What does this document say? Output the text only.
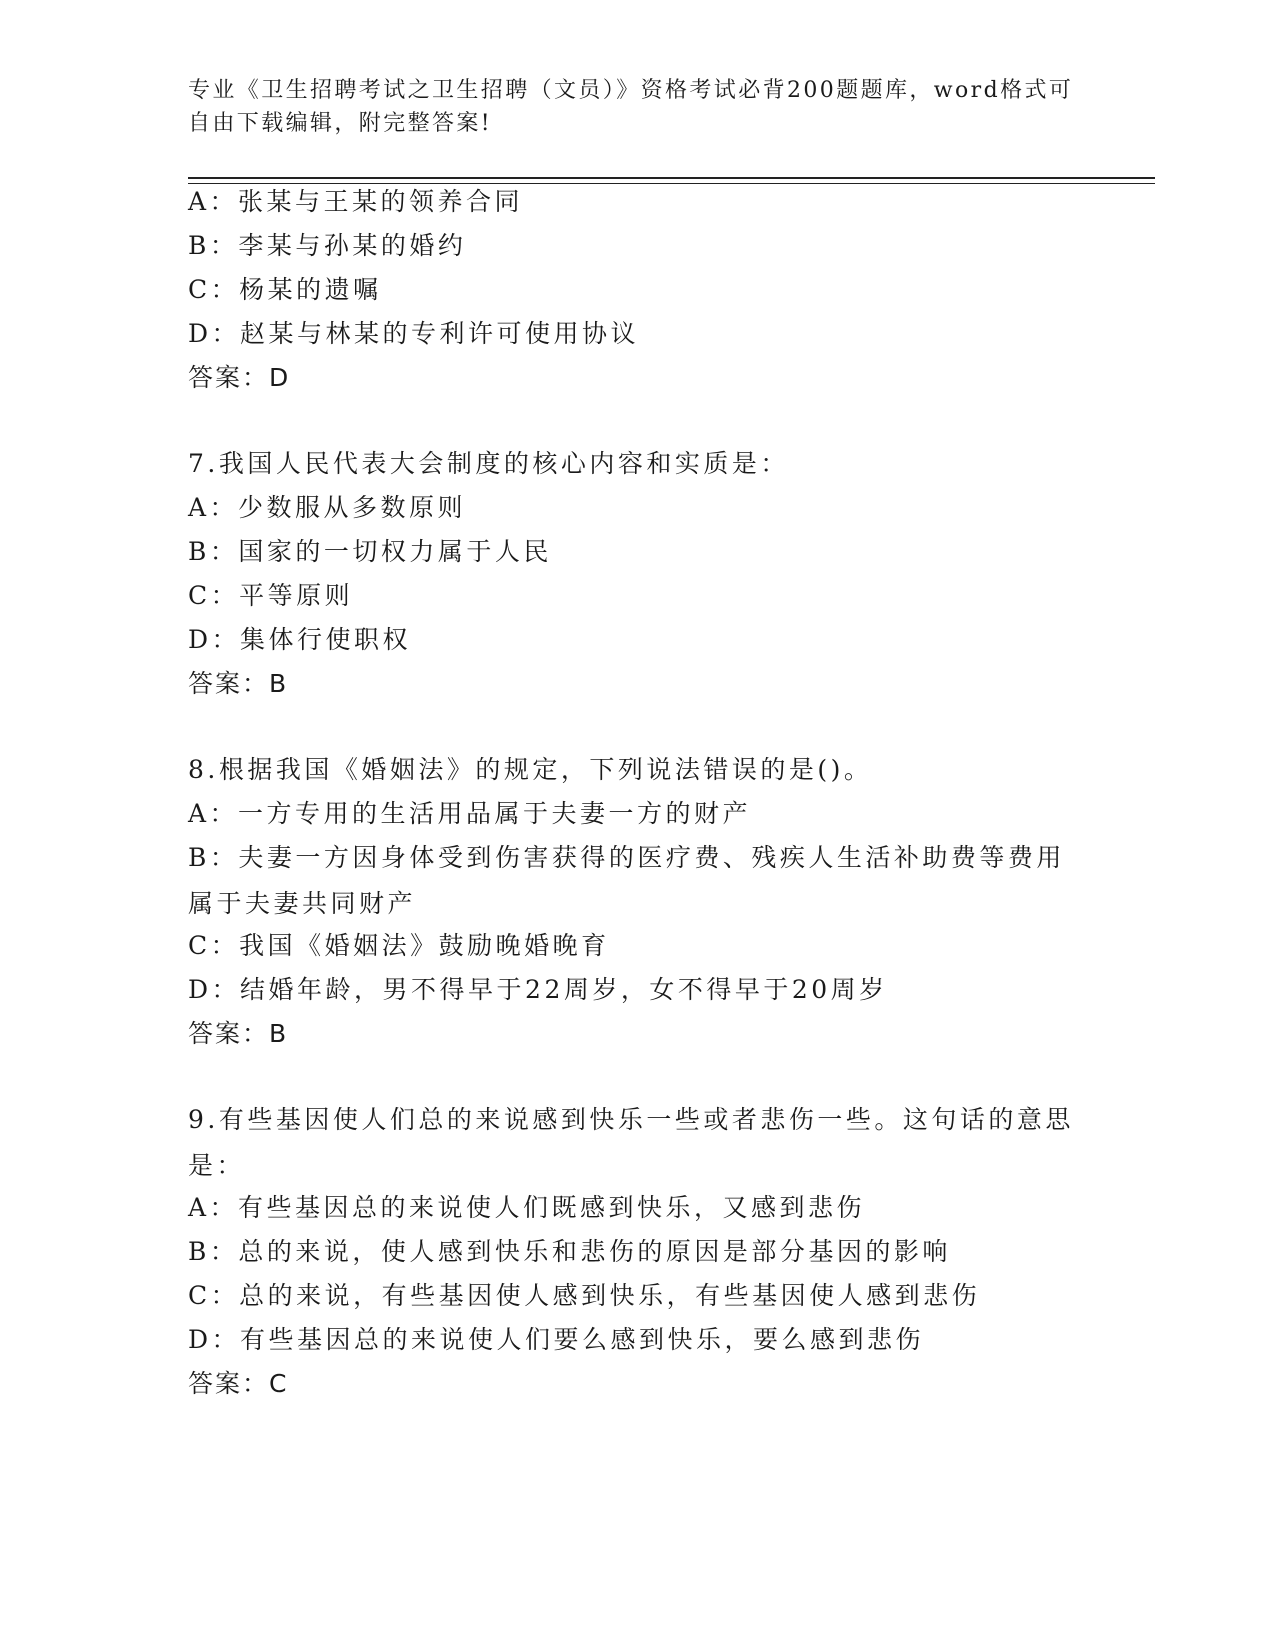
专业《卫生招聘考试之卫生招聘（文员）》资格考试必背200题题库，word格式可自由下载编辑，附完整答案!
A：张某与王某的领养合同
B：李某与孙某的婚约
C：杨某的遗嘱
D：赵某与林某的专利许可使用协议
答案：D
7.我国人民代表大会制度的核心内容和实质是：
A：少数服从多数原则
B：国家的一切权力属于人民
C：平等原则
D：集体行使职权
答案：B
8.根据我国《婚姻法》的规定，下列说法错误的是()。
A：一方专用的生活用品属于夫妻一方的财产
B：夫妻一方因身体受到伤害获得的医疗费、残疾人生活补助费等费用属于夫妻共同财产
C：我国《婚姻法》鼓励晚婚晚育
D：结婚年龄，男不得早于22周岁，女不得早于20周岁
答案：B
9.有些基因使人们总的来说感到快乐一些或者悲伤一些。这句话的意思是：
A：有些基因总的来说使人们既感到快乐，又感到悲伤
B：总的来说，使人感到快乐和悲伤的原因是部分基因的影响
C：总的来说，有些基因使人感到快乐，有些基因使人感到悲伤
D：有些基因总的来说使人们要么感到快乐，要么感到悲伤
答案：C
